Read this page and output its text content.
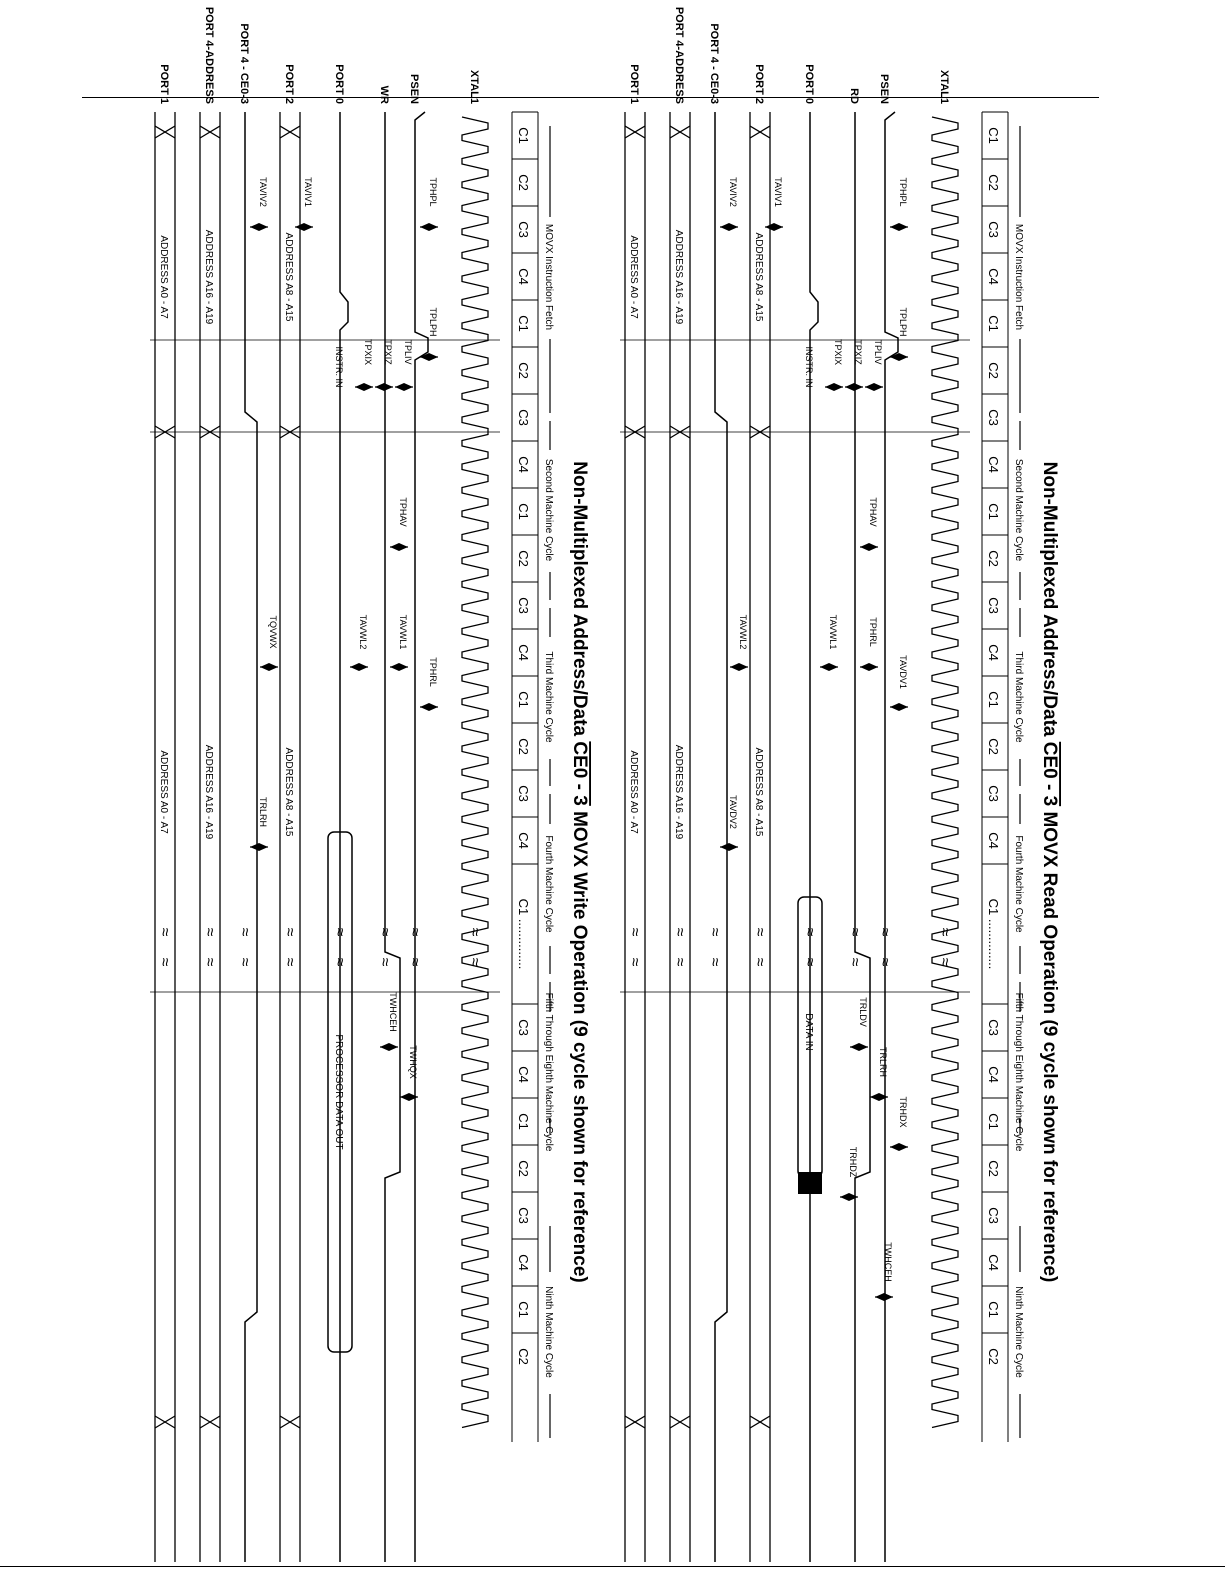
Non-Multiplexed Address/Data CE0 - 3 MOVX Read Operation (9 cycle shown for reference)
MOVX Instruction Fetch
Second Machine Cycle
Third Machine Cycle
Fourth Machine Cycle
Fifth Through Eighth Machine Cycle
Ninth Machine Cycle
C1
C2
C3
C4
C1
C2
C3
C4
C1
C2
C3
C4
C1
C2
C3
C4
C1 ..............
C3
C4
C1
C2
C3
C4
C1
C2
XTAL1
PSEN
RD
PORT 0
PORT 2
PORT 4 - CE0-3
PORT 4-ADDRESS
PORT 1
ADDRESS A8 - A15
ADDRESS A8 - A15
ADDRESS A16 - A19
ADDRESS A16 - A19
ADDRESS A0 - A7
ADDRESS A0 - A7
INSTR. IN
DATA IN
TPHPL
TPLPH
TPLIV
TPXIZ
TPXIX
TAVIV1
TAVIV2
TPHAV
TAVDV1
TPHRL
TAVWL1
TAVWL2
TAVDV2
TRLDV
TRLRH
TRHDX
TRHDZ
TWHCEH
≈
≈
≈
≈
≈
≈
≈
≈
≈
≈
≈
≈
≈
≈
≈
≈
Non-Multiplexed Address/Data CE0 - 3 MOVX Write Operation (9 cycle shown for reference)
MOVX Instruction Fetch
Second Machine Cycle
Third Machine Cycle
Fourth Machine Cycle
Fifth Through Eighth Machine Cycle
Ninth Machine Cycle
C1
C2
C3
C4
C1
C2
C3
C4
C1
C2
C3
C4
C1
C2
C3
C4
C1 ..............
C3
C4
C1
C2
C3
C4
C1
C2
XTAL1
PSEN
WR
PORT 0
PORT 2
PORT 4 - CE0-3
PORT 4-ADDRESS
PORT 1
ADDRESS A8 - A15
ADDRESS A8 - A15
ADDRESS A16 - A19
ADDRESS A16 - A19
ADDRESS A0 - A7
ADDRESS A0 - A7
INSTR. IN
PROCESSOR DATA OUT
TPHPL
TPLPH
TPLIV
TPXIZ
TPXIX
TAVIV1
TAVIV2
TPHAV
TPHRL
TAVWL1
TAVWL2
TQVWX
TRLRH
TWHCEH
TWHQX
≈
≈
≈
≈
≈
≈
≈
≈
≈
≈
≈
≈
≈
≈
≈
≈
